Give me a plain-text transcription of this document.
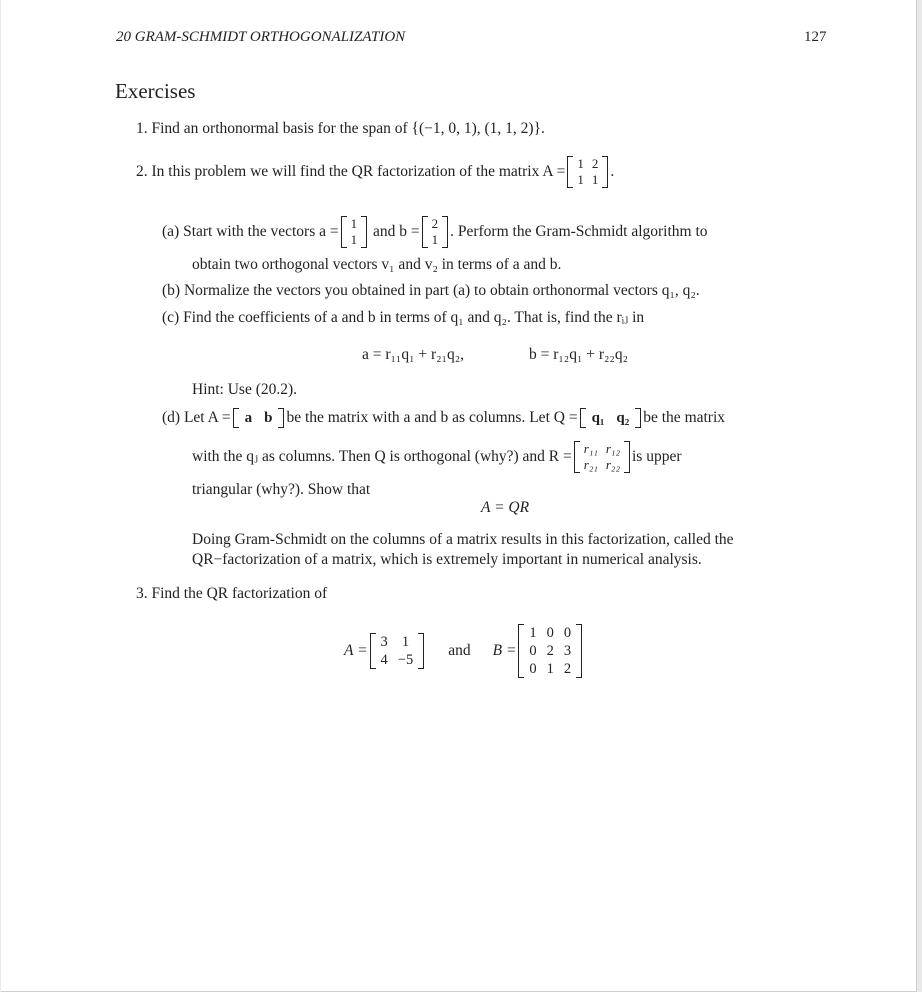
20 GRAM-SCHMIDT ORTHOGONALIZATION	127
Exercises
1. Find an orthonormal basis for the span of {(−1, 0, 1), (1, 1, 2)}.
2.
In this problem we will find the QR factorization of the matrix A = 1	2
1	1 .
(a)
Start with the vectors a = 1
1
and b = 2
1 . Perform the Gram-Schmidt algorithm to
obtain two orthogonal vectors v₁ and v₂ in terms of a and b.
(b) Normalize the vectors you obtained in part (a) to obtain orthonormal vectors q₁, q₂.
(c) Find the coefficients of a and b in terms of q₁ and q₂. That is, find the rᵢⱼ in
a = r₁₁q₁ + r₂₁q₂,	b = r₁₂q₁ + r₂₂q₂
Hint: Use (20.2).
(d)
Let A = a	b be the matrix with a and b as columns. Let Q = q₁	q₂ be the matrix
with the qⱼ as columns. Then Q is orthogonal (why?) and R = r₁₁	r₁₂
r₂₁	r₂₂ is upper
triangular (why?). Show that
A = QR
Doing Gram-Schmidt on the columns of a matrix results in this factorization, called the
QR−factorization of a matrix, which is extremely important in numerical analysis.
3. Find the QR factorization of
A = 3	1
4	−5
and B =
1	0	0
0	2	3
0	1	2
